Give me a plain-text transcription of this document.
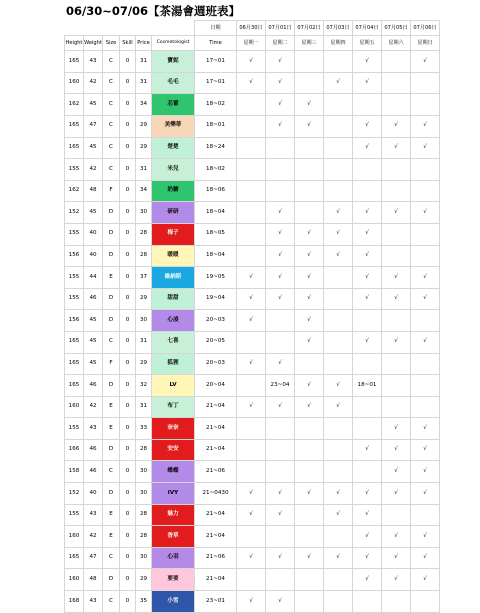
06/30~07/06【茶湯會週班表】
						日期	06月30日	07月01日	07月02日	07月03日	07月04日	07月05日	07月06日
Height	Weight	Size	Skill	Price	Cosmetologist	Time	星期一	星期二	星期三	星期四	星期五	星期六	星期日
165	43	C	0	31	寶妮	17~01	√	√			√		√
160	42	C	0	31	毛毛	17~01	√	√		√	√		
162	45	C	0	34	芯蕾	18~02		√	√				
165	47	C	0	29	美樂蒂	18~01		√	√		√	√	√
165	45	C	0	29	楚楚	18~24					√	√	√
155	42	C	0	31	米兒	18~02							
162	48	F	0	34	奶糖	18~06							
152	45	D	0	30	研研	18~04		√		√	√	√	√
155	40	D	0	28	梅子	18~05		√	√	√	√		
156	40	D	0	28	暖暖	18~04		√	√	√	√		
155	44	E	0	37	維納斯	19~05	√	√	√		√	√	√
155	46	D	0	29	甜甜	19~04	√	√	√		√	√	√
156	45	D	0	30	心凌	20~03	√		√				
165	45	C	0	31	七喜	20~05			√		√	√	√
165	45	F	0	29	狐狸	20~03	√	√					
165	46	D	0	32	LV	20~04		23~04	√	√	18~01		
160	42	E	0	31	布丁	21~04	√	√	√	√			
155	43	E	0	33	奈奈	21~04						√	√
166	46	D	0	28	安安	21~04					√	√	√
158	46	C	0	30	蝶蝶	21~06						√	√
152	40	D	0	30	IVY	21~0430	√	√	√	√	√	√	√
155	43	E	0	28	魅力	21~04	√	√		√	√		
160	42	E	0	28	香草	21~04					√	√	√
165	47	C	0	30	心羽	21~06	√	√	√	√	√	√	√
160	48	D	0	29	要要	21~04					√	√	√
168	43	C	0	35	小雪	23~01	√	√					
